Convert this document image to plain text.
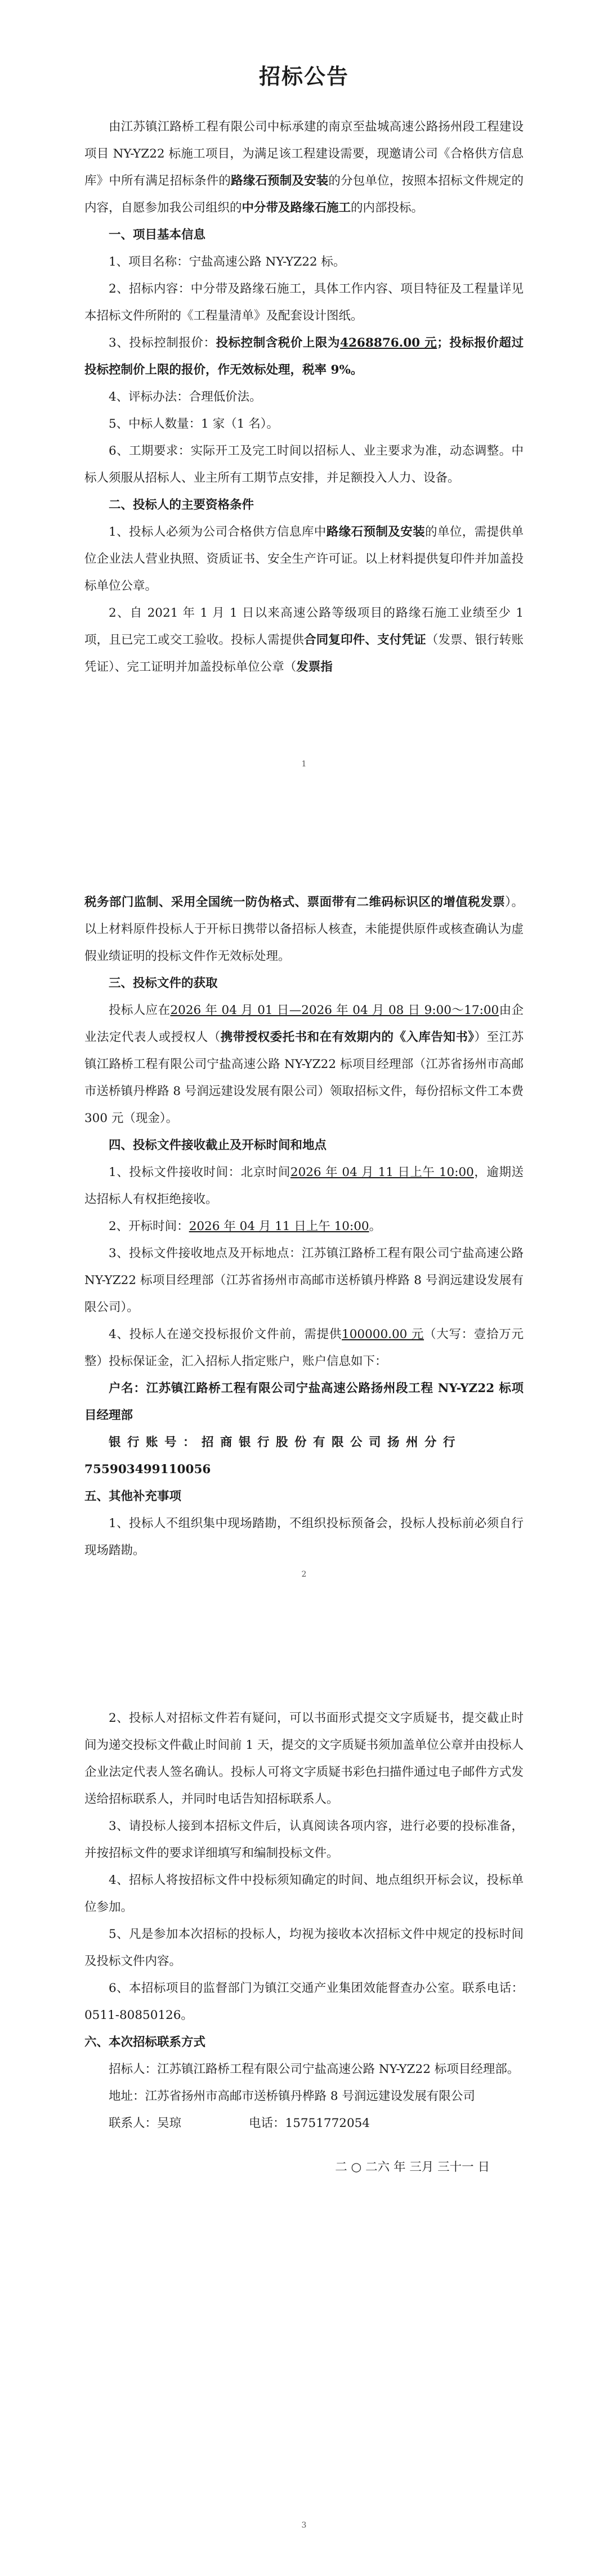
招标公告

由江苏镇江路桥工程有限公司中标承建的南京至盐城高速公路扬州段工程建设项目 NY-YZ22 标施工项目，为满足该工程建设需要，现邀请公司《合格供方信息库》中所有满足招标条件的路缘石预制及安装的分包单位，按照本招标文件规定的内容，自愿参加我公司组织的中分带及路缘石施工的内部投标。

一、项目基本信息

1、项目名称：宁盐高速公路 NY-YZ22 标。

2、招标内容：中分带及路缘石施工，具体工作内容、项目特征及工程量详见本招标文件所附的《工程量清单》及配套设计图纸。

3、投标控制报价：投标控制含税价上限为4268876.00 元；投标报价超过投标控制价上限的报价，作无效标处理，税率 9%。

4、评标办法：合理低价法。

5、中标人数量：1 家（1 名）。

6、工期要求：实际开工及完工时间以招标人、业主要求为准，动态调整。中标人须服从招标人、业主所有工期节点安排，并足额投入人力、设备。

二、投标人的主要资格条件

1、投标人必须为公司合格供方信息库中路缘石预制及安装的单位，需提供单位企业法人营业执照、资质证书、安全生产许可证。以上材料提供复印件并加盖投标单位公章。

2、自 2021 年 1 月 1 日以来高速公路等级项目的路缘石施工业绩至少 1 项，且已完工或交工验收。投标人需提供合同复印件、支付凭证（发票、银行转账凭证）、完工证明并加盖投标单位公章（发票指

1

税务部门监制、采用全国统一防伪格式、票面带有二维码标识区的增值税发票）。以上材料原件投标人于开标日携带以备招标人核查，未能提供原件或核查确认为虚假业绩证明的投标文件作无效标处理。

三、投标文件的获取

投标人应在2026 年 04 月 01 日—2026 年 04 月 08 日 9:00～17:00由企业法定代表人或授权人（携带授权委托书和在有效期内的《入库告知书》）至江苏镇江路桥工程有限公司宁盐高速公路 NY-YZ22 标项目经理部（江苏省扬州市高邮市送桥镇丹桦路 8 号润远建设发展有限公司）领取招标文件，每份招标文件工本费 300 元（现金）。

四、投标文件接收截止及开标时间和地点

1、投标文件接收时间：北京时间2026 年 04 月 11 日上午 10:00，逾期送达招标人有权拒绝接收。

2、开标时间：2026 年 04 月 11 日上午 10:00。

3、投标文件接收地点及开标地点：江苏镇江路桥工程有限公司宁盐高速公路 NY-YZ22 标项目经理部（江苏省扬州市高邮市送桥镇丹桦路 8 号润远建设发展有限公司）。

4、投标人在递交投标报价文件前，需提供100000.00 元（大写：壹拾万元整）投标保证金，汇入招标人指定账户，账户信息如下：

户名：江苏镇江路桥工程有限公司宁盐高速公路扬州段工程 NY-YZ22 标项目经理部

银行账号：招商银行股份有限公司扬州分行755903499110056

五、其他补充事项

1、投标人不组织集中现场踏勘，不组织投标预备会，投标人投标前必须自行现场踏勘。

2

2、投标人对招标文件若有疑问，可以书面形式提交文字质疑书，提交截止时间为递交投标文件截止时间前 1 天，提交的文字质疑书须加盖单位公章并由投标人企业法定代表人签名确认。投标人可将文字质疑书彩色扫描件通过电子邮件方式发送给招标联系人，并同时电话告知招标联系人。

3、请投标人接到本招标文件后，认真阅读各项内容，进行必要的投标准备，并按招标文件的要求详细填写和编制投标文件。

4、招标人将按招标文件中投标须知确定的时间、地点组织开标会议，投标单位参加。

5、凡是参加本次招标的投标人，均视为接收本次招标文件中规定的投标时间及投标文件内容。

6、本招标项目的监督部门为镇江交通产业集团效能督查办公室。联系电话：0511-80850126。

六、本次招标联系方式

招标人：江苏镇江路桥工程有限公司宁盐高速公路 NY-YZ22 标项目经理部。

地址：江苏省扬州市高邮市送桥镇丹桦路 8 号润远建设发展有限公司

联系人：吴琼	电话：15751772054

二 ○ 二六 年 三月 三十一 日

3
